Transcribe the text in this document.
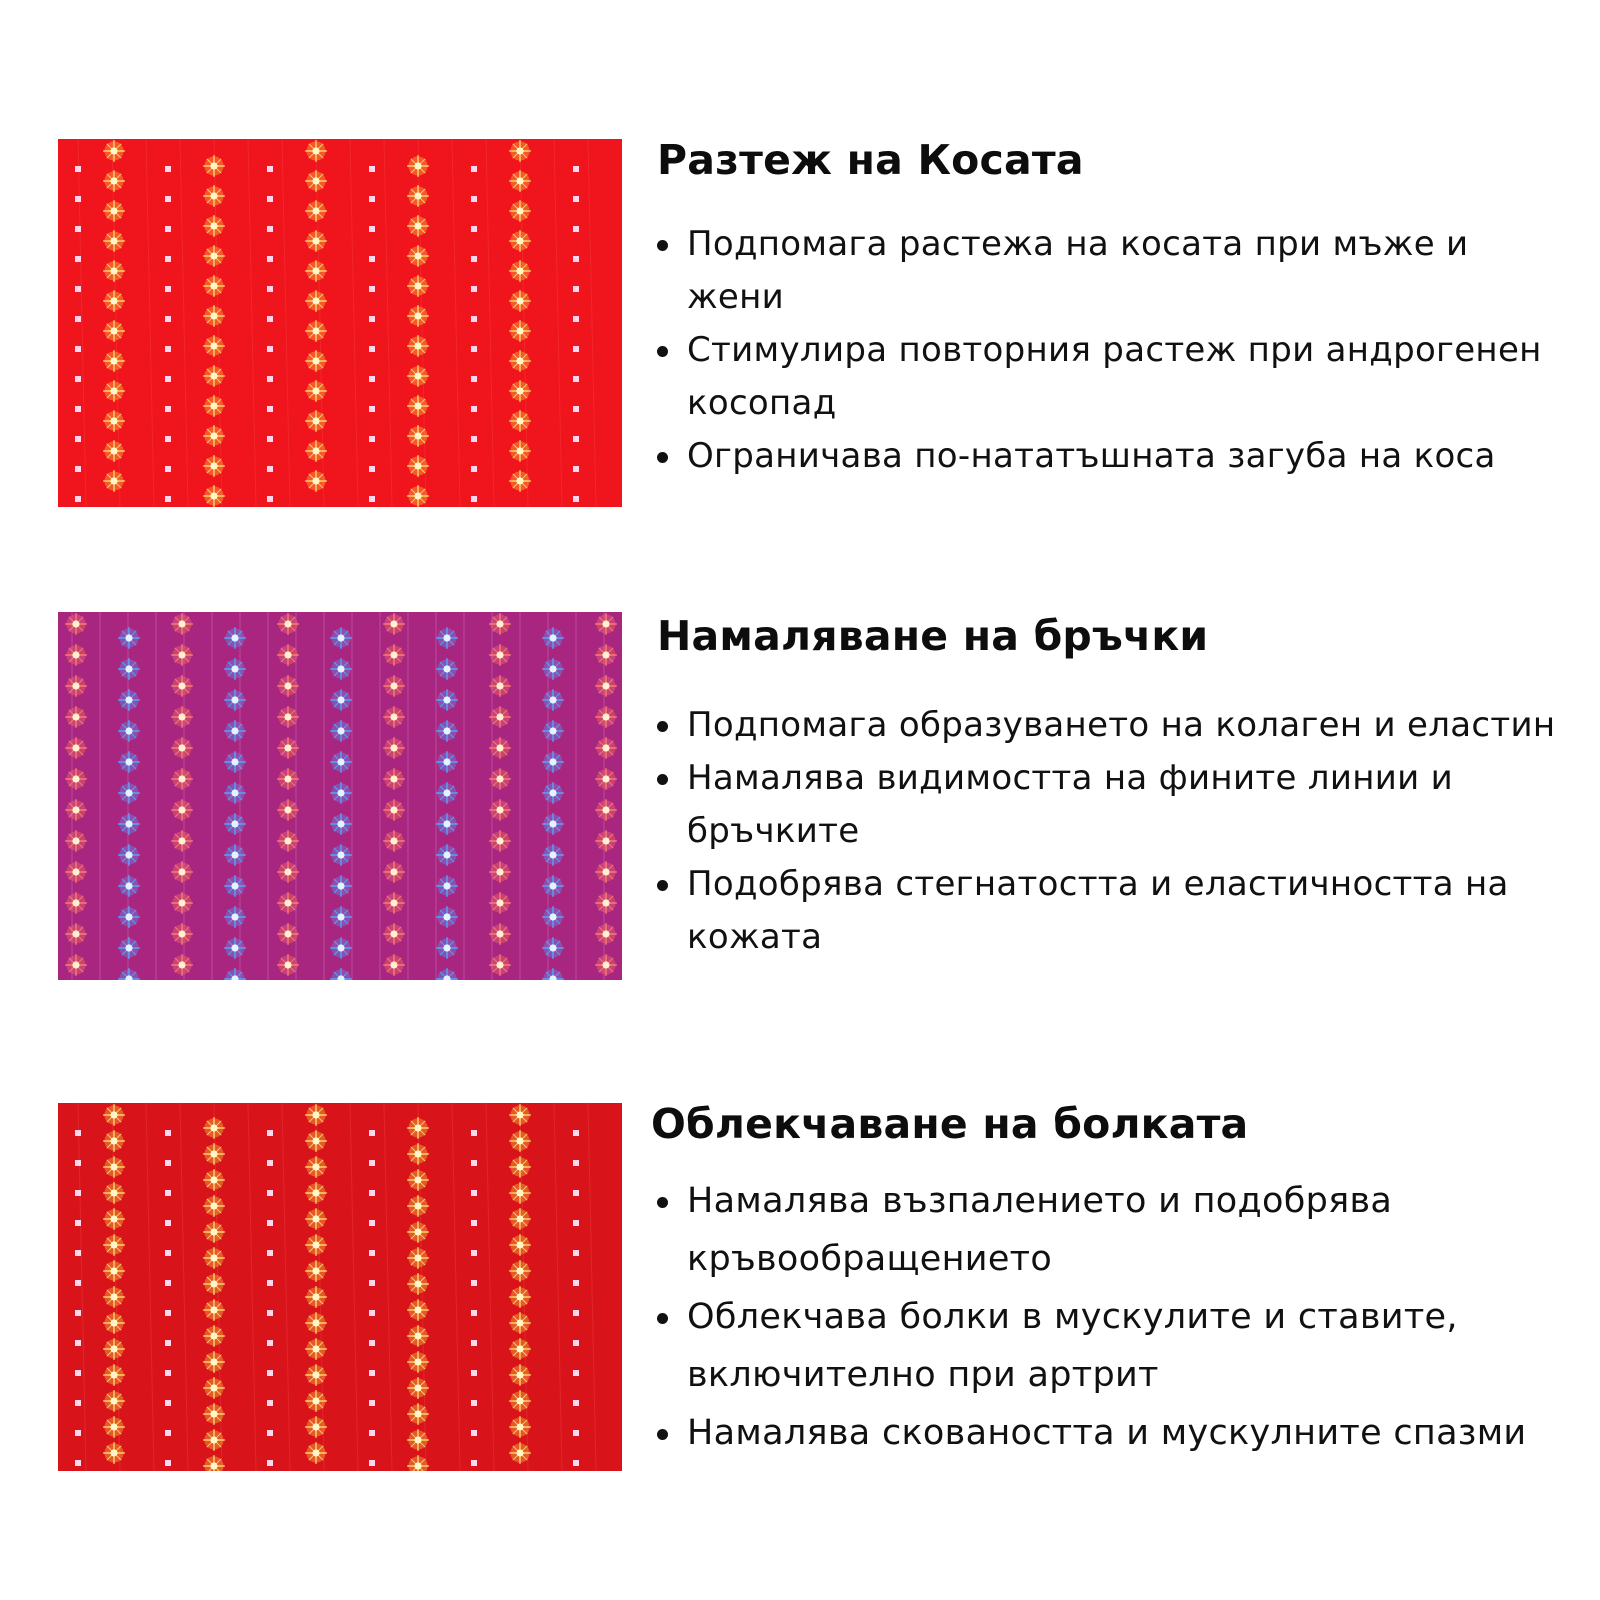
Разтеж на Косата
Подпомага растежа на косата при мъже и жени
Стимулира повторния растеж при андрогенен косопад
Ограничава по-нататъшната загуба на коса
Намаляване на бръчки
Подпомага образуването на колаген и еластин
Намалява видимостта на фините линии и бръчките
Подобрява стегнатостта и еластичността на кожата
Облекчаване на болката
Намалява възпалението и подобрява кръвообращението
Облекчава болки в мускулите и ставите, включително при артрит
Намалява сковаността и мускулните спазми
